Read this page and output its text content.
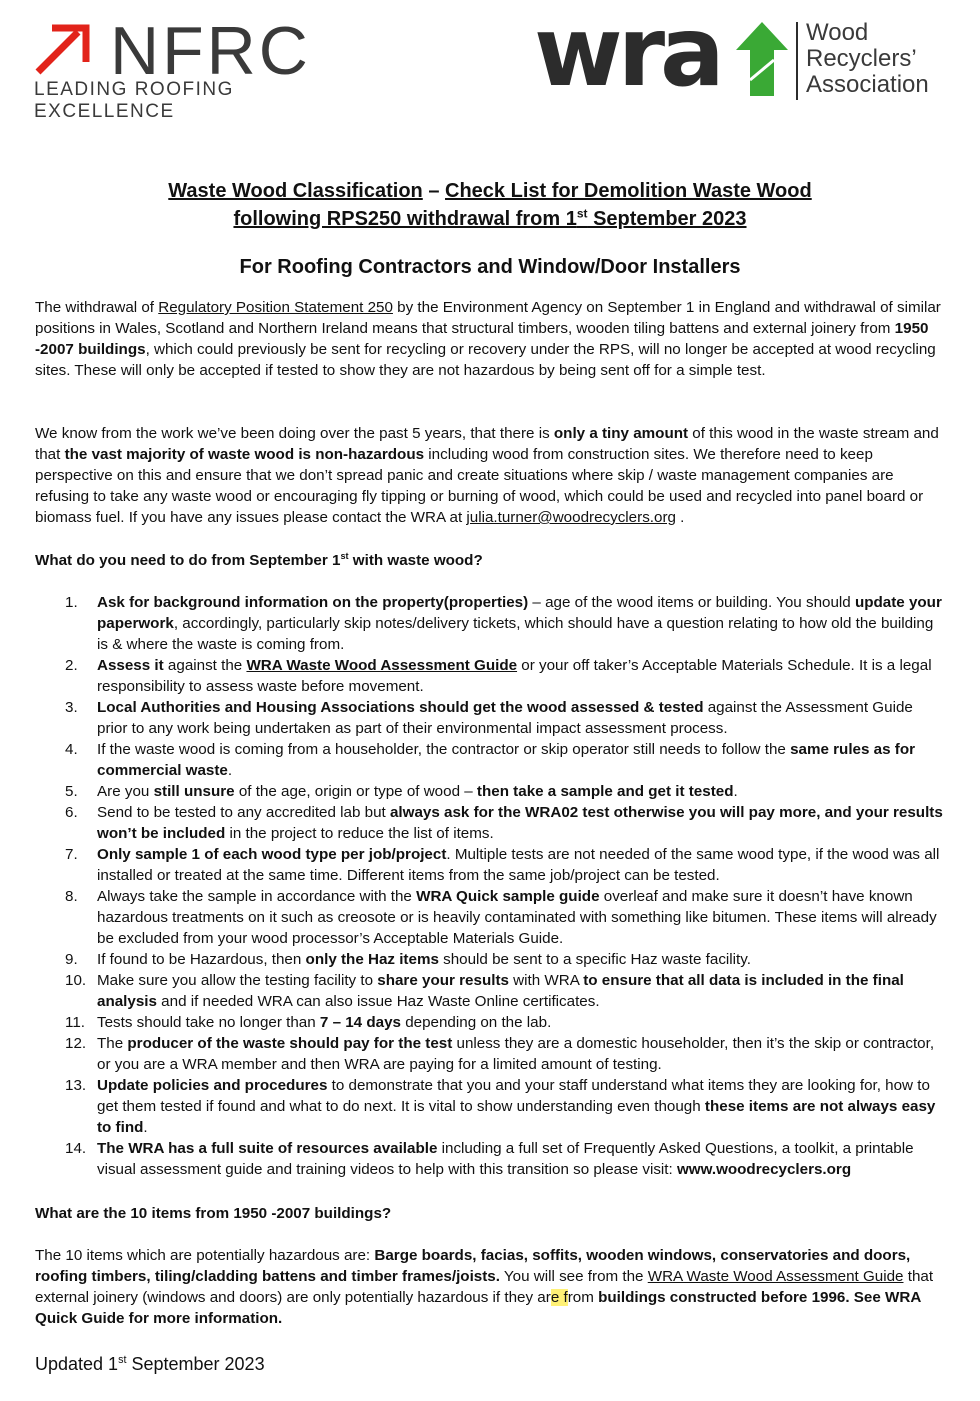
NFRC
LEADING ROOFING EXCELLENCE
wra	Wood
Recyclers’
Association
Waste Wood Classification – Check List for Demolition Waste Wood
following RPS250 withdrawal from 1st September 2023
For Roofing Contractors and Window/Door Installers
The withdrawal of Regulatory Position Statement 250 by the Environment Agency on September 1 in England and withdrawal of similar positions in Wales, Scotland and Northern Ireland means that structural timbers, wooden tiling battens and external joinery from 1950 -2007 buildings, which could previously be sent for recycling or recovery under the RPS, will no longer be accepted at wood recycling sites. These will only be accepted if tested to show they are not hazardous by being sent off for a simple test.
We know from the work we’ve been doing over the past 5 years, that there is only a tiny amount of this wood in the waste stream and that the vast majority of waste wood is non-hazardous including wood from construction sites. We therefore need to keep perspective on this and ensure that we don’t spread panic and create situations where skip / waste management companies are refusing to take any waste wood or encouraging fly tipping or burning of wood, which could be used and recycled into panel board or biomass fuel. If you have any issues please contact the WRA at julia.turner@woodrecyclers.org .
What do you need to do from September 1st with waste wood?
1. Ask for background information on the property(properties) – age of the wood items or building. You should update your paperwork, accordingly, particularly skip notes/delivery tickets, which should have a question relating to how old the building is & where the waste is coming from.
2. Assess it against the WRA Waste Wood Assessment Guide or your off taker’s Acceptable Materials Schedule. It is a legal responsibility to assess waste before movement.
3. Local Authorities and Housing Associations should get the wood assessed & tested against the Assessment Guide prior to any work being undertaken as part of their environmental impact assessment process.
4. If the waste wood is coming from a householder, the contractor or skip operator still needs to follow the same rules as for commercial waste.
5. Are you still unsure of the age, origin or type of wood – then take a sample and get it tested.
6. Send to be tested to any accredited lab but always ask for the WRA02 test otherwise you will pay more, and your results won’t be included in the project to reduce the list of items.
7. Only sample 1 of each wood type per job/project. Multiple tests are not needed of the same wood type, if the wood was all installed or treated at the same time. Different items from the same job/project can be tested.
8. Always take the sample in accordance with the WRA Quick sample guide overleaf and make sure it doesn’t have known hazardous treatments on it such as creosote or is heavily contaminated with something like bitumen. These items will already be excluded from your wood processor’s Acceptable Materials Guide.
9. If found to be Hazardous, then only the Haz items should be sent to a specific Haz waste facility.
10. Make sure you allow the testing facility to share your results with WRA to ensure that all data is included in the final analysis and if needed WRA can also issue Haz Waste Online certificates.
11. Tests should take no longer than 7 – 14 days depending on the lab.
12. The producer of the waste should pay for the test unless they are a domestic householder, then it’s the skip or contractor, or you are a WRA member and then WRA are paying for a limited amount of testing.
13. Update policies and procedures to demonstrate that you and your staff understand what items they are looking for, how to get them tested if found and what to do next. It is vital to show understanding even though these items are not always easy to find.
14. The WRA has a full suite of resources available including a full set of Frequently Asked Questions, a toolkit, a printable visual assessment guide and training videos to help with this transition so please visit: www.woodrecyclers.org
What are the 10 items from 1950 -2007 buildings?
The 10 items which are potentially hazardous are: Barge boards, facias, soffits, wooden windows, conservatories and doors, roofing timbers, tiling/cladding battens and timber frames/joists. You will see from the WRA Waste Wood Assessment Guide that external joinery (windows and doors) are only potentially hazardous if they are from buildings constructed before 1996. See WRA Quick Guide for more information.
Updated 1st September 2023
